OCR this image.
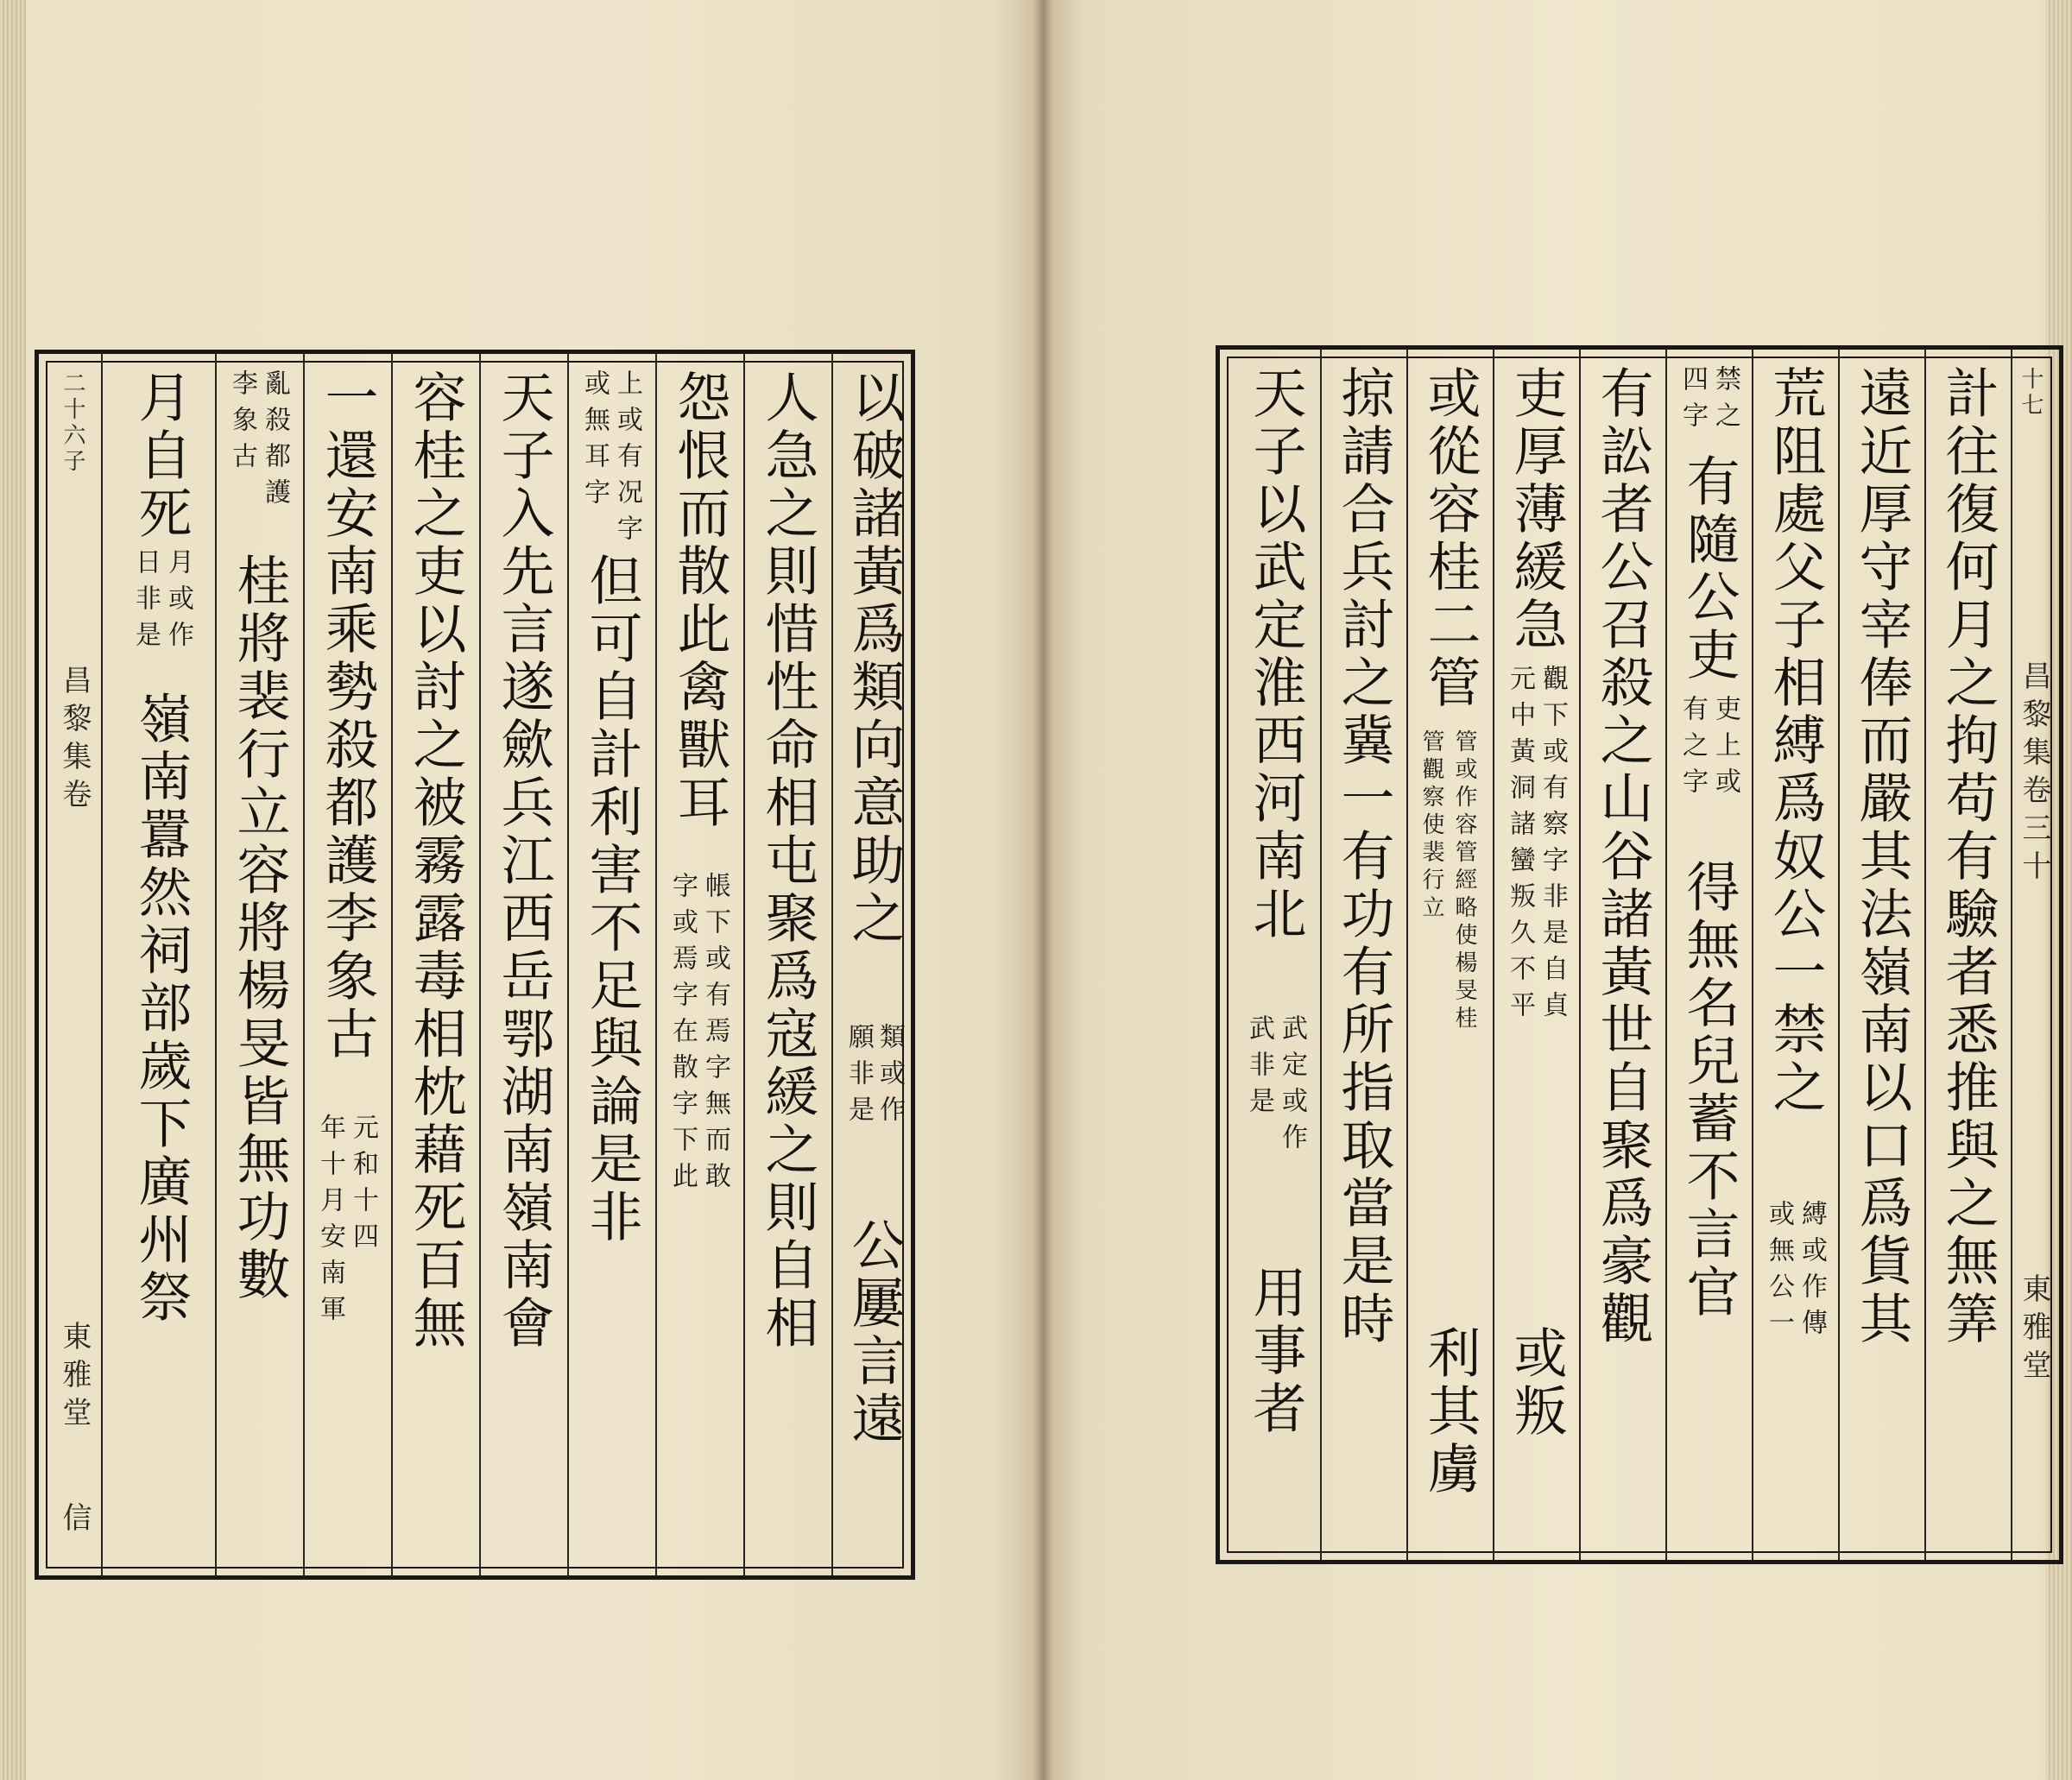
二十六子
昌黎集卷
東雅堂
信
以破諸黃爲類向意助之
類或作
願非是
公屢言遠
人急之則惜性命相屯聚爲寇緩之則自相
怨恨而散此禽獸耳
帳下或有焉字無而敢
字或焉字在散字下此
上或有况字
或無耳字
但可自計利害不足與論是非
天子入先言遂歛兵江西岳鄂湖南嶺南會
容桂之吏以討之被霧露毒相枕藉死百無
一還安南乘勢殺都護李象古
元和十四
年十月安南軍
亂殺都護
李象古
桂將裴行立容將楊旻皆無功數
月自死
月或作
日非是
嶺南囂然祠部歲下廣州祭
十七
昌黎集卷三十
東雅堂
計往復何月之拘苟有驗者悉推與之無筭
遠近厚守宰俸而嚴其法嶺南以口爲貨其
荒阻處父子相縛爲奴公一禁之
縛或作傳
或無公一
禁之
四字
有隨公吏
吏上或
有之字
得無名兒蓄不言官
有訟者公召殺之山谷諸黃世自聚爲豪觀
吏厚薄緩急
觀下或有察字非是自貞
元中黃洞諸蠻叛久不平
或叛
或從容桂二管
管或作容管經略使楊旻桂
管觀察使裴行立
利其虜
掠請合兵討之冀一有功有所指取當是時
天子以武定淮西河南北
武定或作
武非是
用事者
